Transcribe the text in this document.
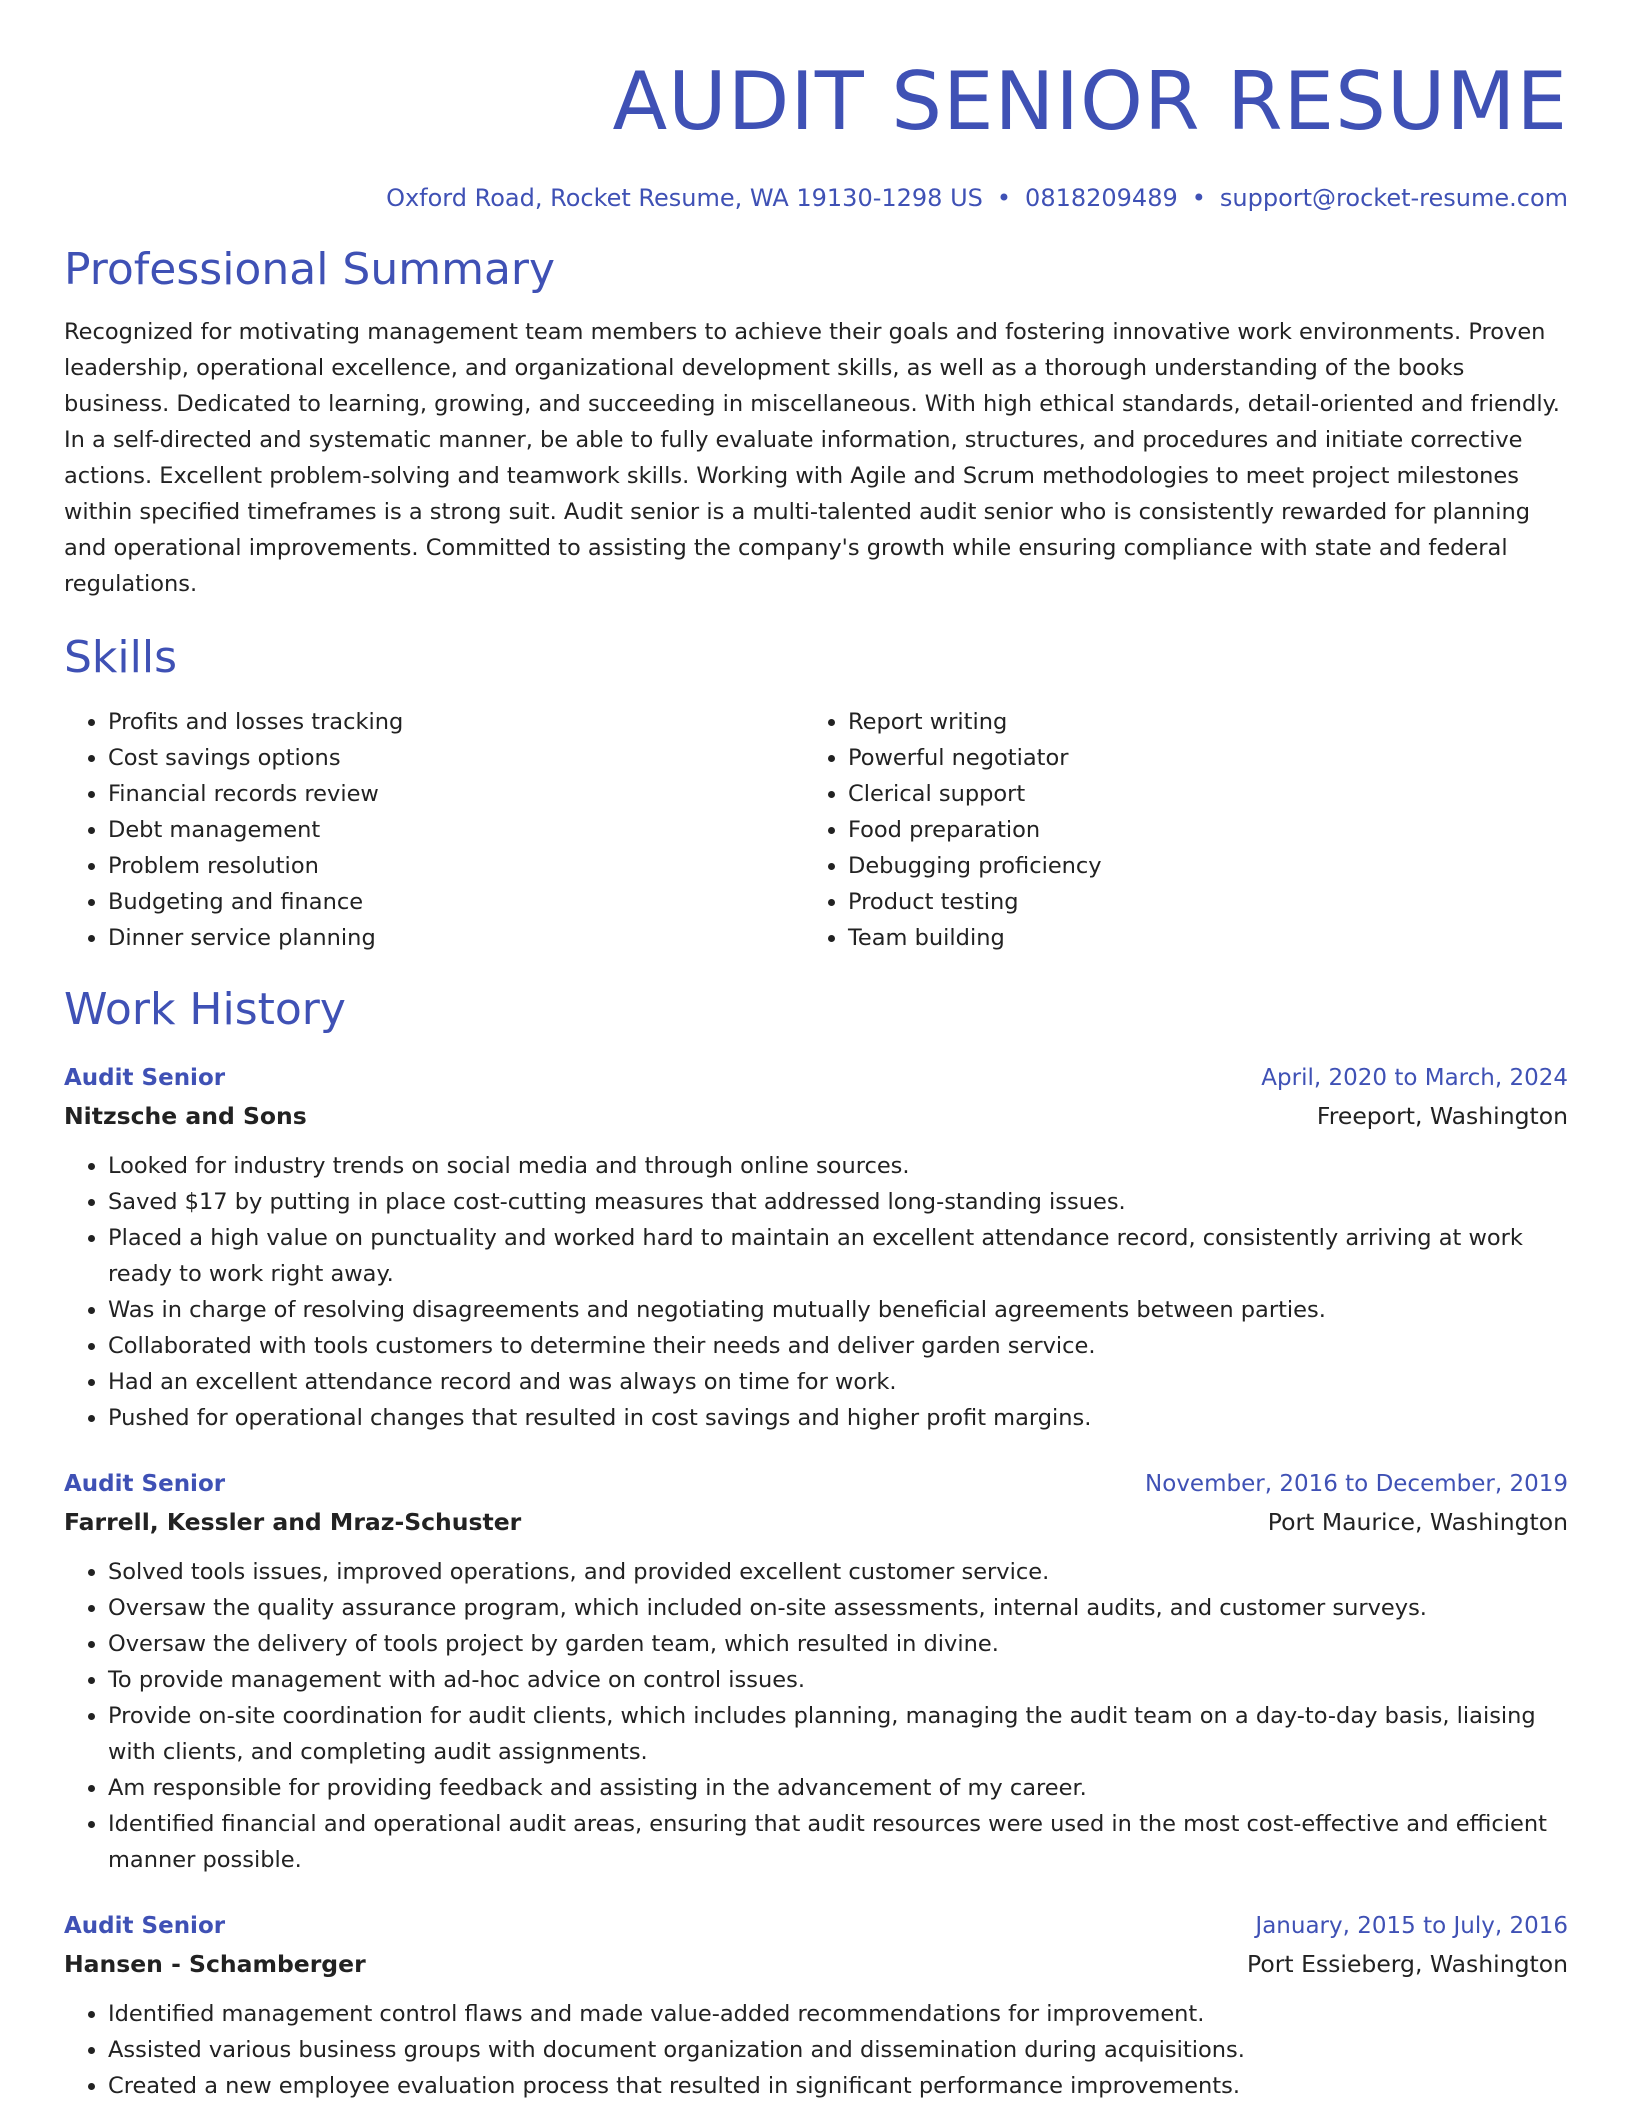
AUDIT SENIOR RESUME
Oxford Road, Rocket Resume, WA 19130-1298 US • 0818209489 • support@rocket-resume.com
Professional Summary
Recognized for motivating management team members to achieve their goals and fostering innovative work environments. Proven leadership, operational excellence, and organizational development skills, as well as a thorough understanding of the books business. Dedicated to learning, growing, and succeeding in miscellaneous. With high ethical standards, detail-oriented and friendly. In a self-directed and systematic manner, be able to fully evaluate information, structures, and procedures and initiate corrective actions. Excellent problem-solving and teamwork skills. Working with Agile and Scrum methodologies to meet project milestones within specified timeframes is a strong suit. Audit senior is a multi-talented audit senior who is consistently rewarded for planning and operational improvements. Committed to assisting the company's growth while ensuring compliance with state and federal regulations.
Skills
• Profits and losses tracking
• Cost savings options
• Financial records review
• Debt management
• Problem resolution
• Budgeting and finance
• Dinner service planning
• Report writing
• Powerful negotiator
• Clerical support
• Food preparation
• Debugging proficiency
• Product testing
• Team building
Work History
Audit Senior	April, 2020 to March, 2024
Nitzsche and Sons	Freeport, Washington
• Looked for industry trends on social media and through online sources.
• Saved $17 by putting in place cost-cutting measures that addressed long-standing issues.
• Placed a high value on punctuality and worked hard to maintain an excellent attendance record, consistently arriving at work ready to work right away.
• Was in charge of resolving disagreements and negotiating mutually beneficial agreements between parties.
• Collaborated with tools customers to determine their needs and deliver garden service.
• Had an excellent attendance record and was always on time for work.
• Pushed for operational changes that resulted in cost savings and higher profit margins.
Audit Senior	November, 2016 to December, 2019
Farrell, Kessler and Mraz-Schuster	Port Maurice, Washington
• Solved tools issues, improved operations, and provided excellent customer service.
• Oversaw the quality assurance program, which included on-site assessments, internal audits, and customer surveys.
• Oversaw the delivery of tools project by garden team, which resulted in divine.
• To provide management with ad-hoc advice on control issues.
• Provide on-site coordination for audit clients, which includes planning, managing the audit team on a day-to-day basis, liaising with clients, and completing audit assignments.
• Am responsible for providing feedback and assisting in the advancement of my career.
• Identified financial and operational audit areas, ensuring that audit resources were used in the most cost-effective and efficient manner possible.
Audit Senior	January, 2015 to July, 2016
Hansen - Schamberger	Port Essieberg, Washington
• Identified management control flaws and made value-added recommendations for improvement.
• Assisted various business groups with document organization and dissemination during acquisitions.
• Created a new employee evaluation process that resulted in significant performance improvements.
